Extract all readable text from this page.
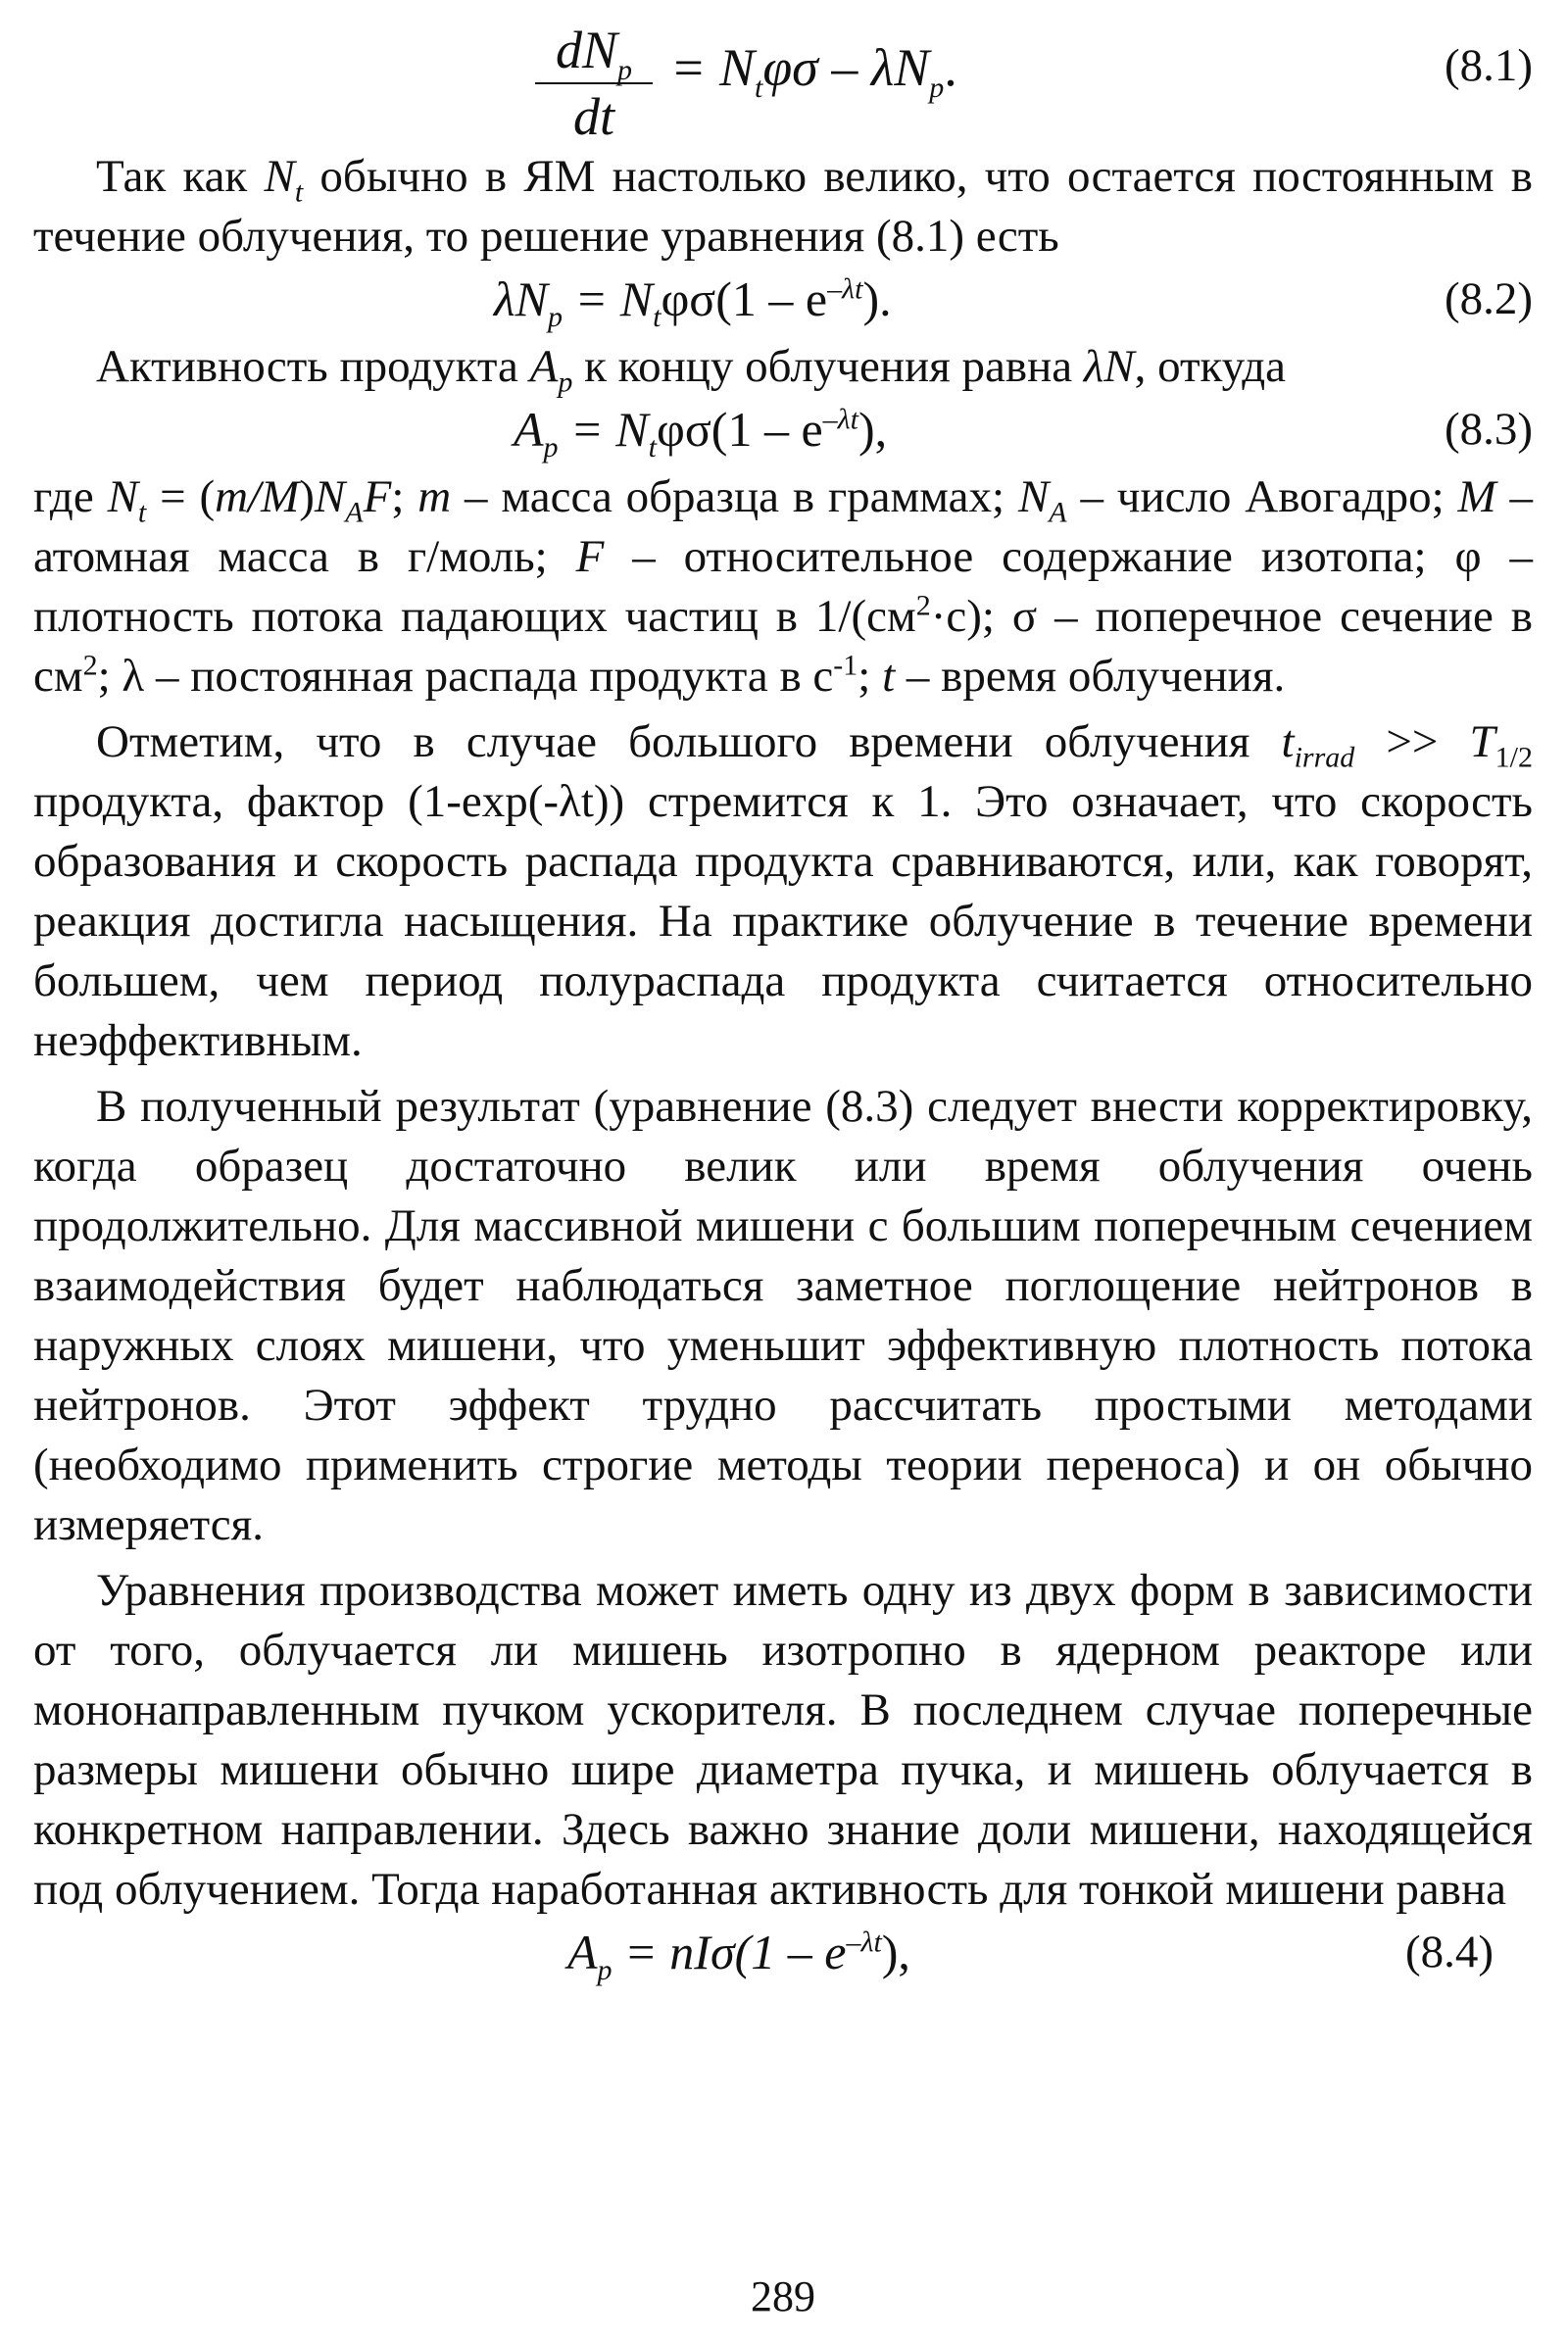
$dN_p$
dt
= $N_t\varphi\sigma - \lambda N_p$.	(8.1)

Так как $N_t$ обычно в ЯМ настолько велико, что остается постоянным в течение облучения, то решение уравнения (8.1) есть

$\lambda N_p = N_t\varphi\sigma(1 - e^{-\lambda t})$.	(8.2)

Активность продукта $A_p$ к концу облучения равна λN, откуда

$A_p = N_t\varphi\sigma(1 - e^{-\lambda t})$,	(8.3)

где $N_t = (m/M)N_AF$; m – масса образца в граммах; $N_A$ – число Авогадро; M – атомная масса в г/моль; F – относительное содержание изотопа; φ – плотность потока падающих частиц в $1/(см^2\cdot с)$; σ – поперечное сечение в $см^2$; λ – постоянная распада продукта в $с^{-1}$; t – время облучения.

Отметим, что в случае большого времени облучения $t_{irrad} >> T_{1/2}$ продукта, фактор (1-exp(-λt)) стремится к 1. Это означает, что скорость образования и скорость распада продукта сравниваются, или, как говорят, реакция достигла насыщения. На практике облучение в течение времени большем, чем период полураспада продукта считается относительно неэффективным.

В полученный результат (уравнение (8.3) следует внести корректировку, когда образец достаточно велик или время облучения очень продолжительно. Для массивной мишени с большим поперечным сечением взаимодействия будет наблюдаться заметное поглощение нейтронов в наружных слоях мишени, что уменьшит эффективную плотность потока нейтронов. Этот эффект трудно рассчитать простыми методами (необходимо применить строгие методы теории переноса) и он обычно измеряется.

Уравнения производства может иметь одну из двух форм в зависимости от того, облучается ли мишень изотропно в ядерном реакторе или мононаправленным пучком ускорителя. В последнем случае поперечные размеры мишени обычно шире диаметра пучка, и мишень облучается в конкретном направлении. Здесь важно знание доли мишени, находящейся под облучением. Тогда наработанная активность для тонкой мишени равна

$A_p = nI\sigma(1 - e^{-\lambda t})$,	(8.4)
289
